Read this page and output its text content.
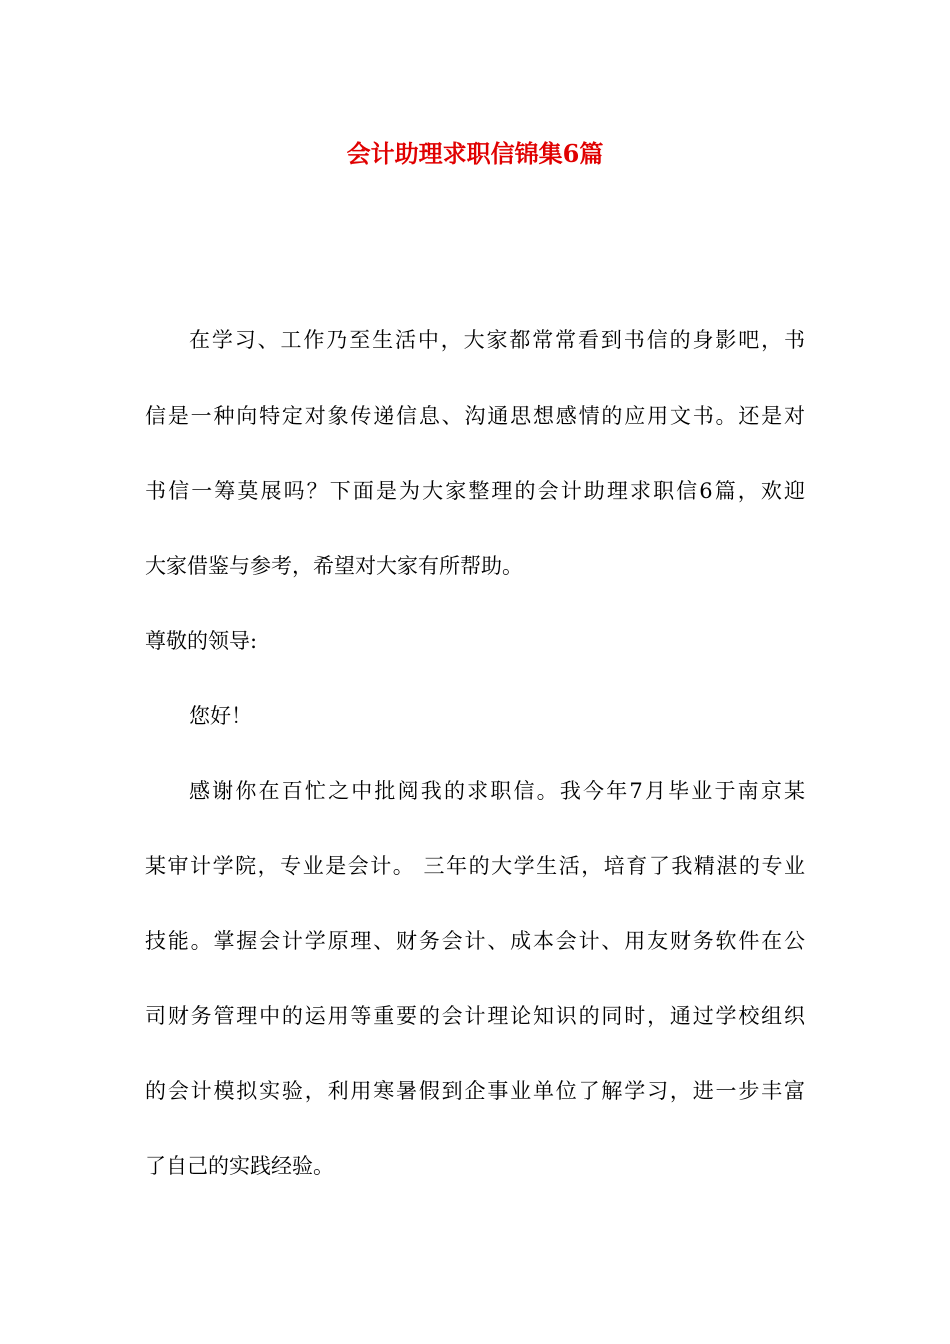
会计助理求职信锦集6篇
在学习、工作乃至生活中，大家都常常看到书信的身影吧，书
信是一种向特定对象传递信息、沟通思想感情的应用文书。还是对
书信一筹莫展吗？下面是为大家整理的会计助理求职信6篇，欢迎
大家借鉴与参考，希望对大家有所帮助。
尊敬的领导:
您好！
感谢你在百忙之中批阅我的求职信。我今年7月毕业于南京某
某审计学院，专业是会计。 三年的大学生活，培育了我精湛的专业
技能。掌握会计学原理、财务会计、成本会计、用友财务软件在公
司财务管理中的运用等重要的会计理论知识的同时，通过学校组织
的会计模拟实验，利用寒暑假到企事业单位了解学习，进一步丰富
了自己的实践经验。
